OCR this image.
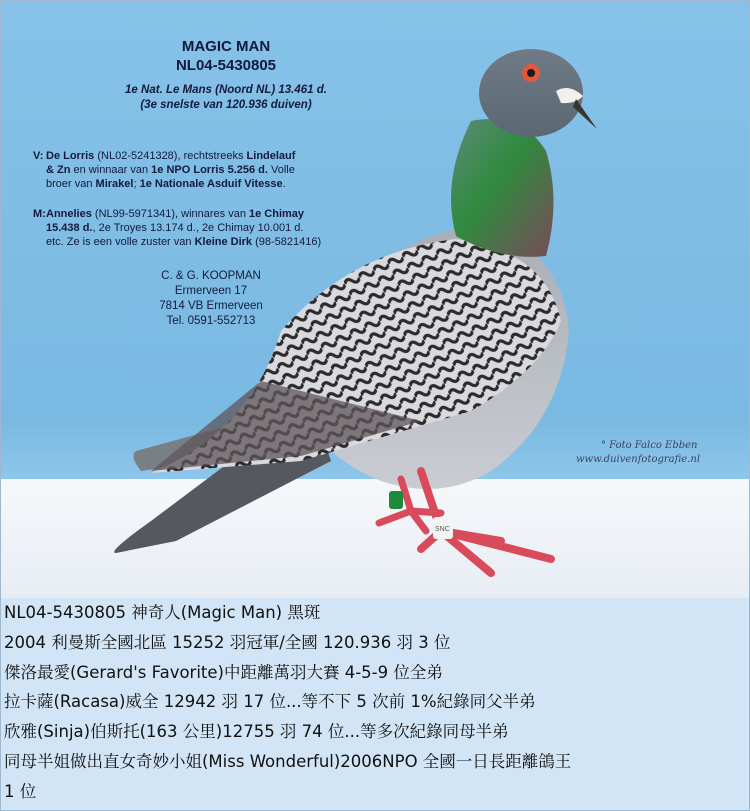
SNC
MAGIC MAN
NL04-5430805
1e Nat. Le Mans (Noord NL) 13.461 d.
(3e snelste van 120.936 duiven)
V: De Lorris (NL02-5241328), rechtstreeks Lindelauf
& Zn en winnaar van 1e NPO Lorris 5.256 d. Volle
broer van Mirakel; 1e Nationale Asduif Vitesse.
M: Annelies (NL99-5971341), winnares van 1e Chimay
15.438 d., 2e Troyes 13.174 d., 2e Chimay 10.001 d.
etc. Ze is een volle zuster van Kleine Dirk (98-5821416)
C. & G. KOOPMAN
Ermerveen 17
7814 VB Ermerveen
Tel. 0591-552713
° Foto Falco Ebben
www.duivenfotografie.nl
NL04-5430805 神奇人(Magic Man) 黑斑
2004 利曼斯全國北區 15252 羽冠軍/全國 120.936 羽 3 位
傑洛最愛(Gerard's Favorite)中距離萬羽大賽 4-5-9 位全弟
拉卡薩(Racasa)威全 12942 羽 17 位...等不下 5 次前 1%紀錄同父半弟
欣雅(Sinja)伯斯托(163 公里)12755 羽 74 位...等多次紀錄同母半弟
同母半姐做出直女奇妙小姐(Miss Wonderful)2006NPO 全國一日長距離鴿王
1 位
